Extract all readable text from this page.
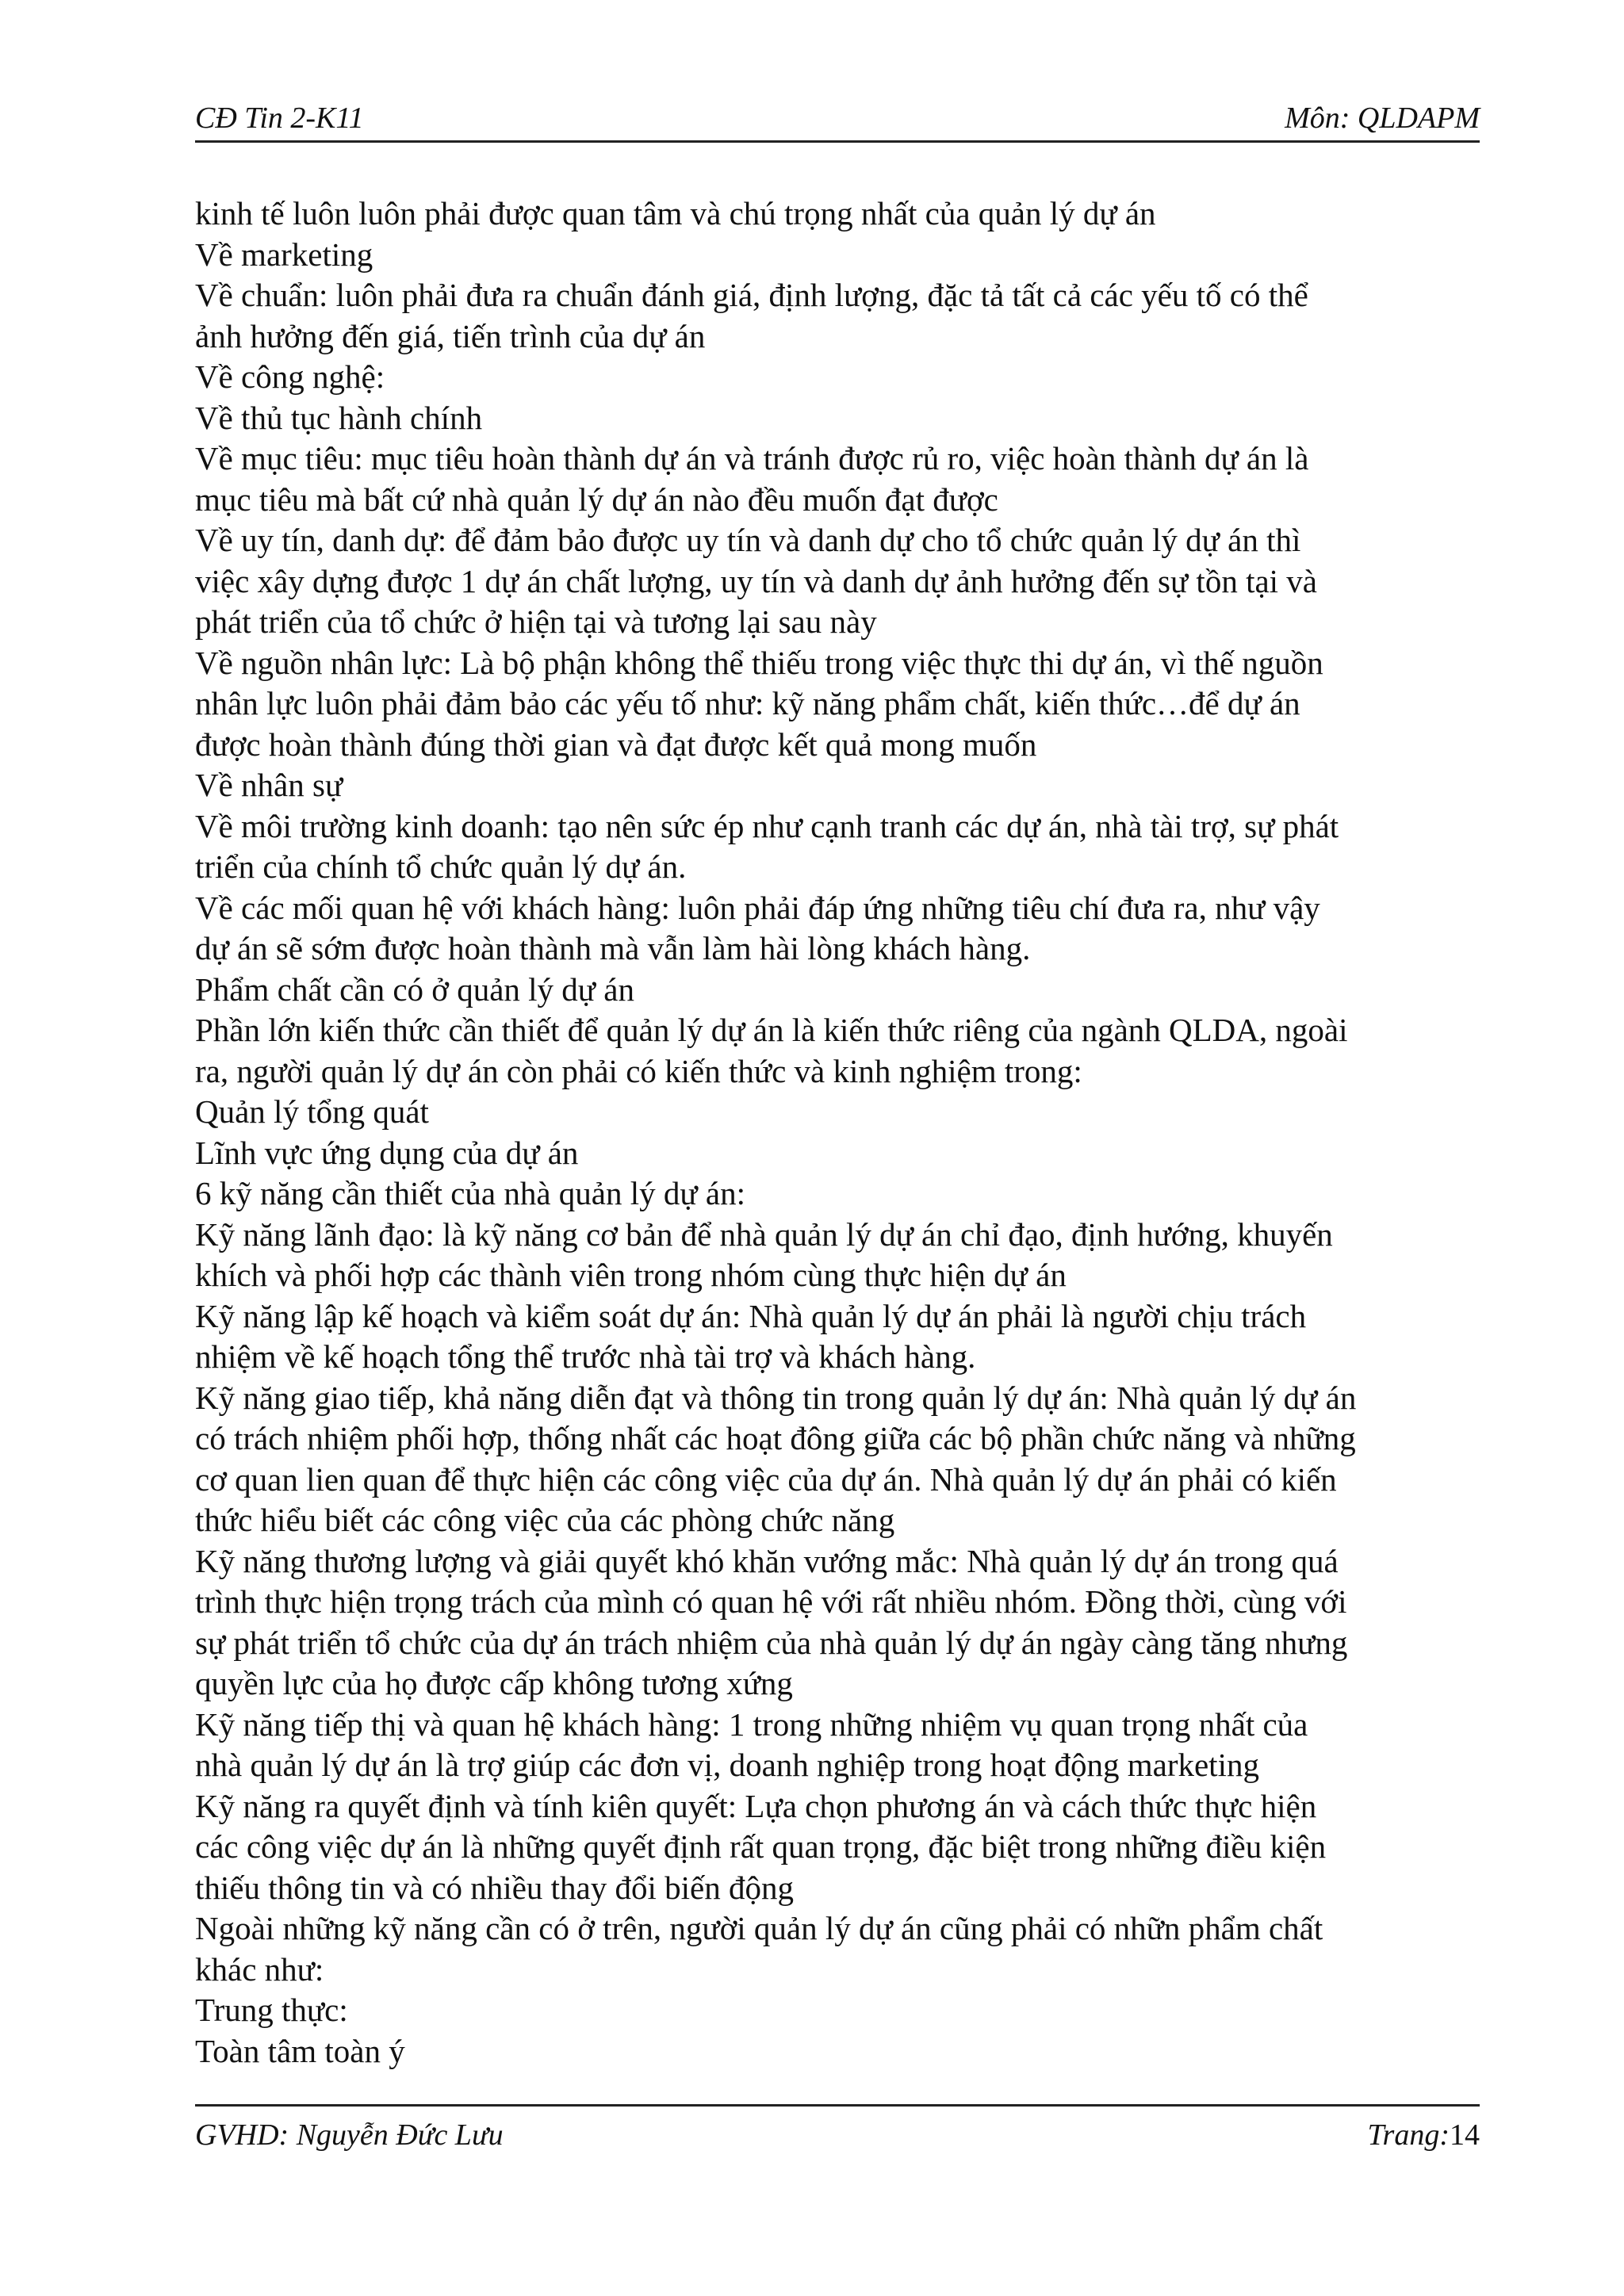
CĐ Tin 2-K11	Môn: QLDAPM

kinh tế luôn luôn phải được quan tâm và chú trọng nhất của quản lý dự án

Về marketing

Về chuẩn: luôn phải đưa ra chuẩn đánh giá, định lượng, đặc tả tất cả các yếu tố có thể

ảnh hưởng đến giá, tiến trình của dự án

Về công nghệ:

Về thủ tục hành chính

Về mục tiêu: mục tiêu hoàn thành dự án và tránh được rủ ro, việc hoàn thành dự án là

mục tiêu mà bất cứ nhà quản lý dự án nào đều muốn đạt được

Về uy tín, danh dự: để đảm bảo được uy tín và danh dự cho tổ chức quản lý dự án thì

việc xây dựng được 1 dự án chất lượng, uy tín và danh dự ảnh hưởng đến sự tồn tại và

phát triển của tổ chức ở hiện tại và tương lại sau này

Về nguồn nhân lực: Là bộ phận không thể thiếu trong việc thực thi dự án, vì thế nguồn

nhân lực luôn phải đảm bảo các yếu tố như: kỹ năng phẩm chất, kiến thức…để dự án

được hoàn thành đúng thời gian và đạt được kết quả mong muốn

Về nhân sự

Về môi trường kinh doanh: tạo nên sức ép như cạnh tranh các dự án, nhà tài trợ, sự phát

triển của chính tổ chức quản lý dự án.

Về các mối quan hệ với khách hàng: luôn phải đáp ứng những tiêu chí đưa ra, như vậy

dự án sẽ sớm được hoàn thành mà vẫn làm hài lòng khách hàng.

Phẩm chất cần có ở quản lý dự án

Phần lớn kiến thức cần thiết để quản lý dự án là kiến thức riêng của ngành QLDA, ngoài

ra, người quản lý dự án còn phải có kiến thức và kinh nghiệm trong:

Quản lý tổng quát

Lĩnh vực ứng dụng của dự án

6 kỹ năng cần thiết của nhà quản lý dự án:

Kỹ năng lãnh đạo: là kỹ năng cơ bản để nhà quản lý dự án chỉ đạo, định hướng, khuyến

khích và phối hợp các thành viên trong nhóm cùng thực hiện dự án

Kỹ năng lập kế hoạch và kiểm soát dự án: Nhà quản lý dự án phải là người chịu trách

nhiệm về kế hoạch tổng thể trước nhà tài trợ và khách hàng.

Kỹ năng giao tiếp, khả năng diễn đạt và thông tin trong quản lý dự án: Nhà quản lý dự án

có trách nhiệm phối hợp, thống nhất các hoạt đông giữa các bộ phần chức năng và những

cơ quan lien quan để thực hiện các công việc của dự án. Nhà quản lý dự án phải có kiến

thức hiểu biết các công việc của các phòng chức năng

Kỹ năng thương lượng và giải quyết khó khăn vướng mắc: Nhà quản lý dự án trong quá

trình thực hiện trọng trách của mình có quan hệ với rất nhiều nhóm. Đồng thời, cùng với

sự phát triển tổ chức của dự án trách nhiệm của nhà quản lý dự án ngày càng tăng nhưng

quyền lực của họ được cấp không tương xứng

Kỹ năng tiếp thị và quan hệ khách hàng: 1 trong những nhiệm vụ quan trọng nhất của

nhà quản lý dự án là trợ giúp các đơn vị, doanh nghiệp trong hoạt động marketing

Kỹ năng ra quyết định và tính kiên quyết: Lựa chọn phương án và cách thức thực hiện

các công việc dự án là những quyết định rất quan trọng, đặc biệt trong những điều kiện

thiếu thông tin và có nhiều thay đổi biến động

Ngoài những kỹ năng cần có ở trên, người quản lý dự án cũng phải có nhữn phẩm chất

khác như:

Trung thực:

Toàn tâm toàn ý

GVHD: Nguyễn Đức Lưu	Trang:14
